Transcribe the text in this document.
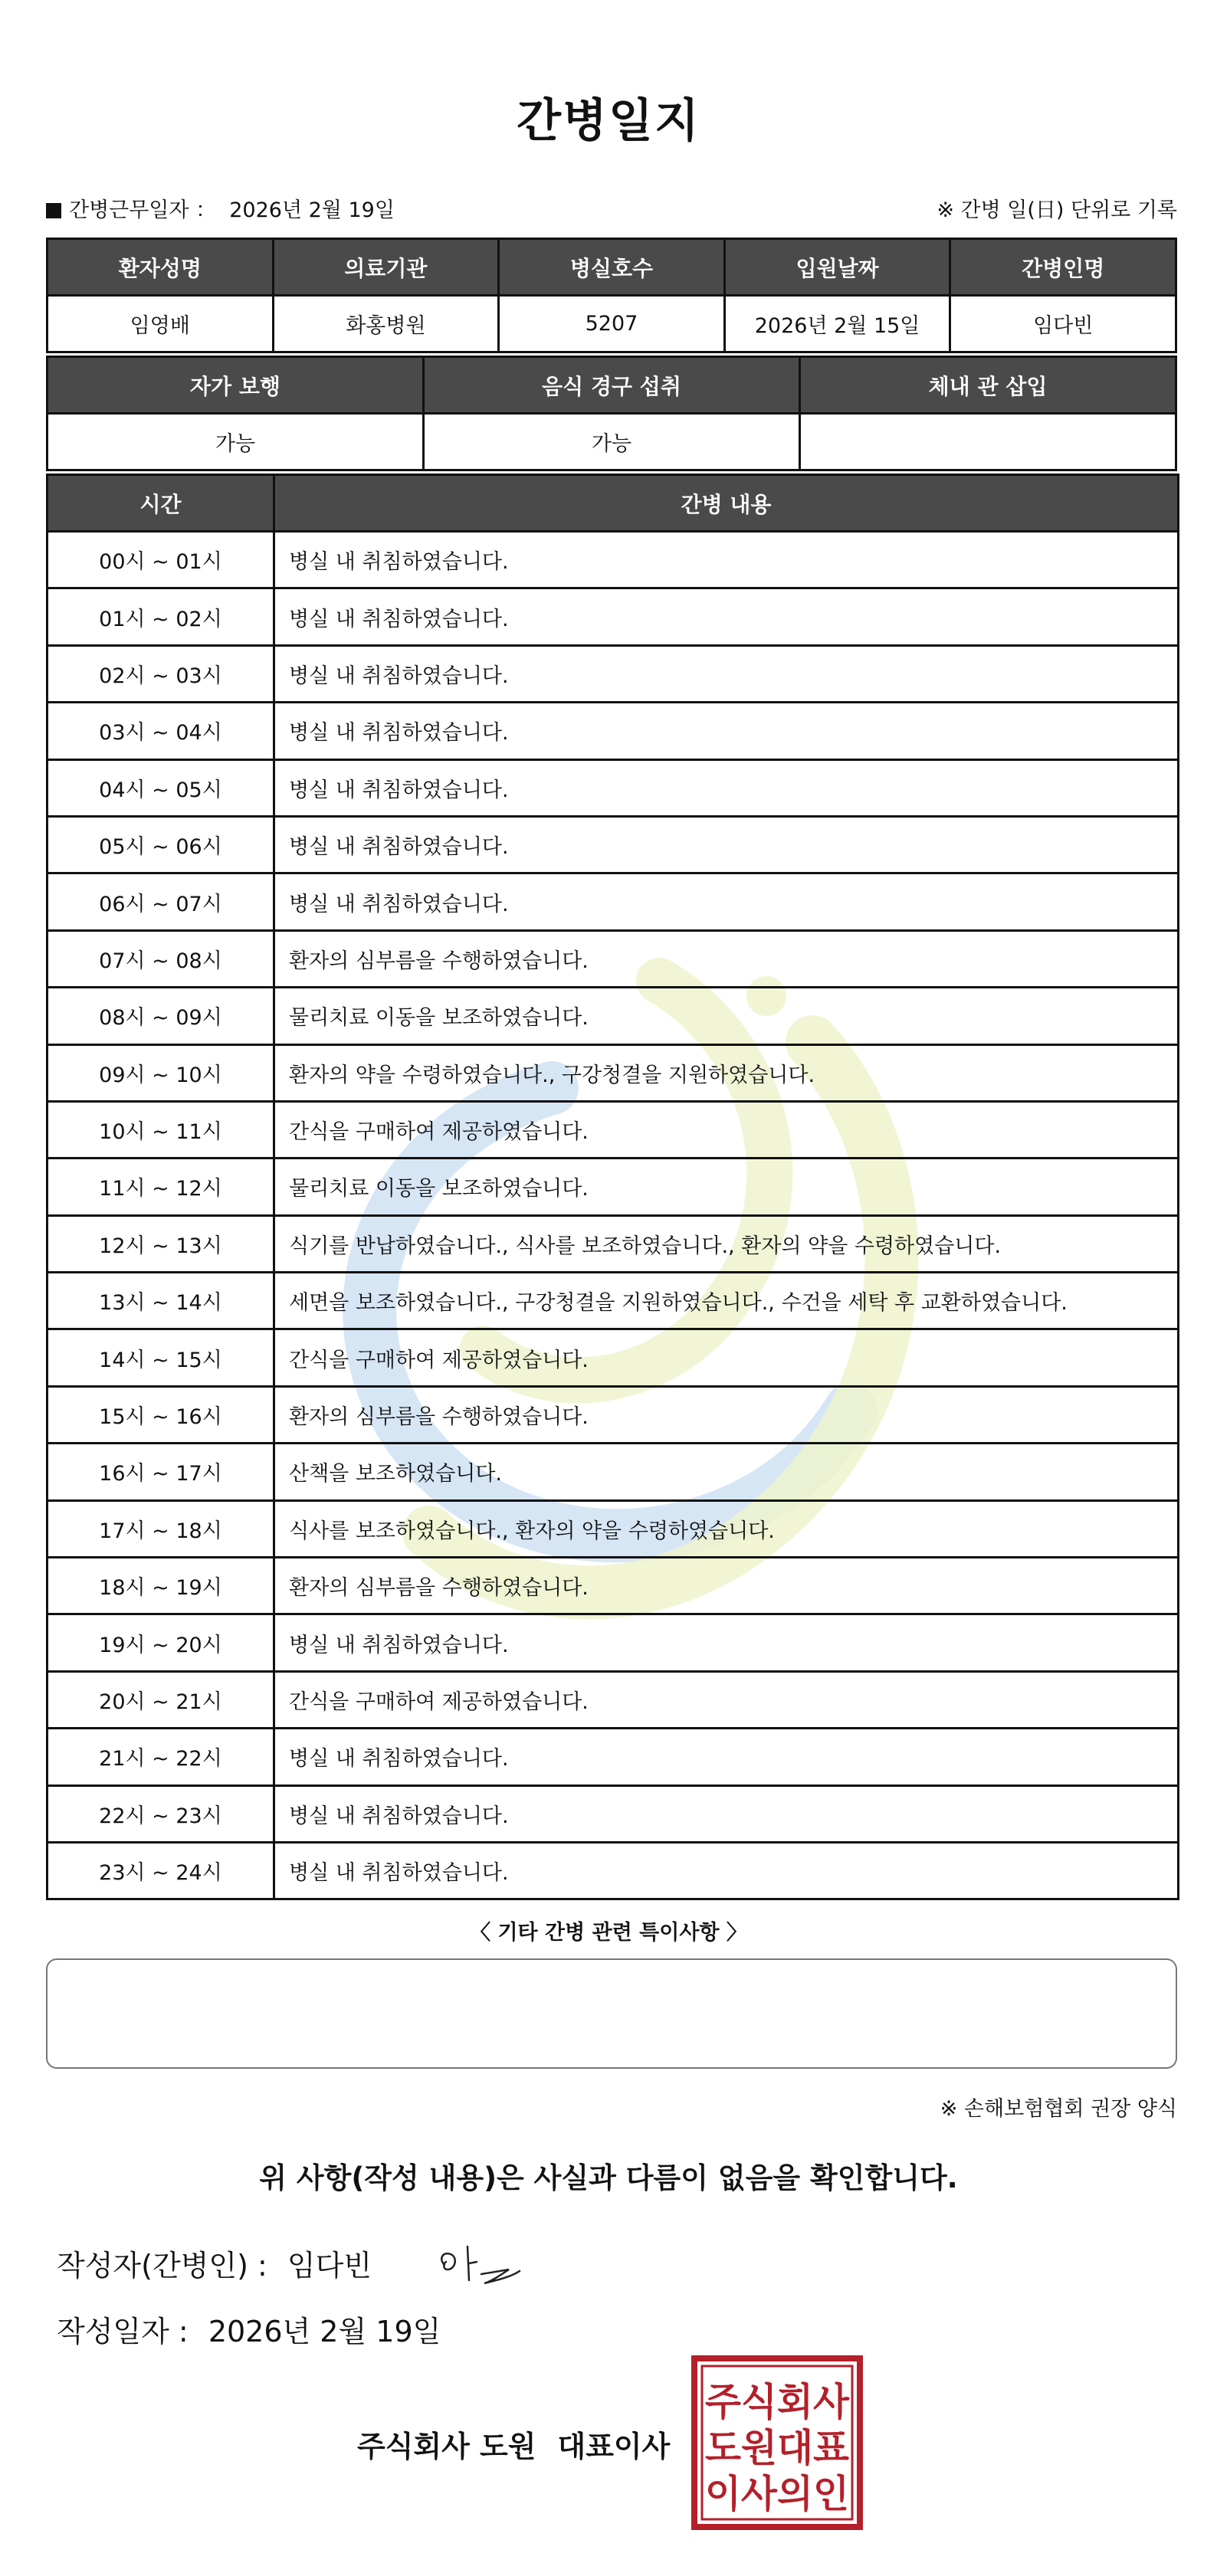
간병일지
간병근무일자 ： 2026년 2월 19일	※ 간병 일(日) 단위로 기록
환자성명	의료기관	병실호수	입원날짜	간병인명
임영배	화홍병원	5207	2026년 2월 15일	임다빈
자가 보행	음식 경구 섭취	체내 관 삽입
가능	가능	
시간	간병 내용
00시 ~ 01시	병실 내 취침하였습니다.
01시 ~ 02시	병실 내 취침하였습니다.
02시 ~ 03시	병실 내 취침하였습니다.
03시 ~ 04시	병실 내 취침하였습니다.
04시 ~ 05시	병실 내 취침하였습니다.
05시 ~ 06시	병실 내 취침하였습니다.
06시 ~ 07시	병실 내 취침하였습니다.
07시 ~ 08시	환자의 심부름을 수행하였습니다.
08시 ~ 09시	물리치료 이동을 보조하였습니다.
09시 ~ 10시	환자의 약을 수령하였습니다., 구강청결을 지원하였습니다.
10시 ~ 11시	간식을 구매하여 제공하였습니다.
11시 ~ 12시	물리치료 이동을 보조하였습니다.
12시 ~ 13시	식기를 반납하였습니다., 식사를 보조하였습니다., 환자의 약을 수령하였습니다.
13시 ~ 14시	세면을 보조하였습니다., 구강청결을 지원하였습니다., 수건을 세탁 후 교환하였습니다.
14시 ~ 15시	간식을 구매하여 제공하였습니다.
15시 ~ 16시	환자의 심부름을 수행하였습니다.
16시 ~ 17시	산책을 보조하였습니다.
17시 ~ 18시	식사를 보조하였습니다., 환자의 약을 수령하였습니다.
18시 ~ 19시	환자의 심부름을 수행하였습니다.
19시 ~ 20시	병실 내 취침하였습니다.
20시 ~ 21시	간식을 구매하여 제공하였습니다.
21시 ~ 22시	병실 내 취침하였습니다.
22시 ~ 23시	병실 내 취침하였습니다.
23시 ~ 24시	병실 내 취침하였습니다.
〈 기타 간병 관련 특이사항 〉
※ 손해보험협회 권장 양식
위 사항(작성 내용)은 사실과 다름이 없음을 확인합니다.
작성자(간병인) : 임다빈
작성일자 : 2026년 2월 19일
주식회사 도원 대표이사
주식회사
도원대표
이사의인
